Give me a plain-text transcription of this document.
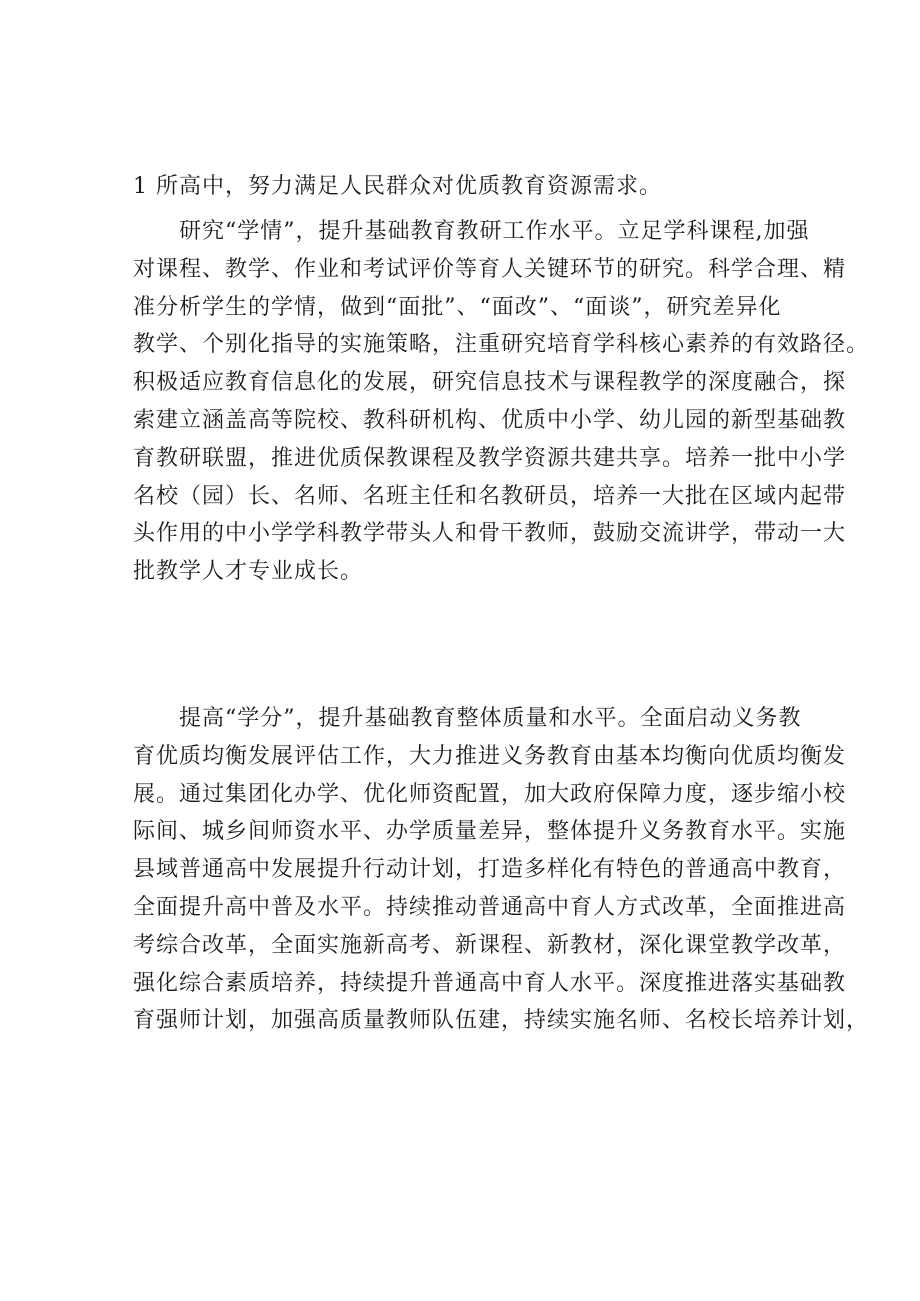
1 所高中，努力满足人民群众对优质教育资源需求。
研究“学情”，提升基础教育教研工作水平。立足学科课程,加强
对课程、教学、作业和考试评价等育人关键环节的研究。科学合理、精
准分析学生的学情，做到“面批”、“面改”、“面谈”，研究差异化
教学、个别化指导的实施策略，注重研究培育学科核心素养的有效路径。
积极适应教育信息化的发展，研究信息技术与课程教学的深度融合，探
索建立涵盖高等院校、教科研机构、优质中小学、幼儿园的新型基础教
育教研联盟，推进优质保教课程及教学资源共建共享。培养一批中小学
名校（园）长、名师、名班主任和名教研员，培养一大批在区域内起带
头作用的中小学学科教学带头人和骨干教师，鼓励交流讲学，带动一大
批教学人才专业成长。
提高“学分”，提升基础教育整体质量和水平。全面启动义务教
育优质均衡发展评估工作，大力推进义务教育由基本均衡向优质均衡发
展。通过集团化办学、优化师资配置，加大政府保障力度，逐步缩小校
际间、城乡间师资水平、办学质量差异，整体提升义务教育水平。实施
县域普通高中发展提升行动计划，打造多样化有特色的普通高中教育，
全面提升高中普及水平。持续推动普通高中育人方式改革，全面推进高
考综合改革，全面实施新高考、新课程、新教材，深化课堂教学改革，
强化综合素质培养，持续提升普通高中育人水平。深度推进落实基础教
育强师计划，加强高质量教师队伍建，持续实施名师、名校长培养计划，
